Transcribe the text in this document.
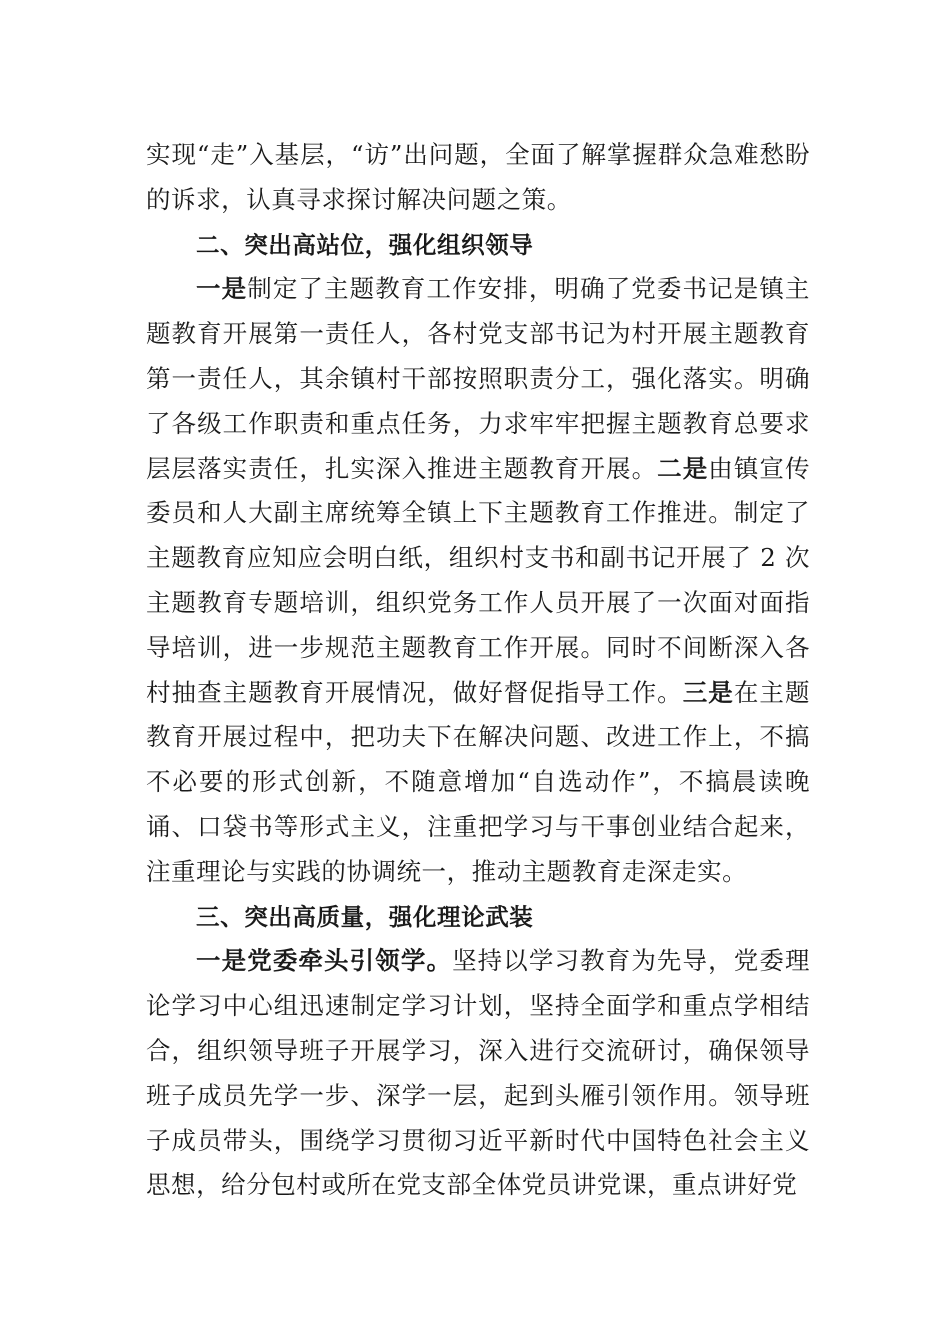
实现“走”入基层，“访”出问题，全面了解掌握群众急难愁盼的诉求，认真寻求探讨解决问题之策。

二、突出高站位，强化组织领导

一是制定了主题教育工作安排，明确了党委书记是镇主题教育开展第一责任人，各村党支部书记为村开展主题教育第一责任人，其余镇村干部按照职责分工，强化落实。明确了各级工作职责和重点任务，力求牢牢把握主题教育总要求层层落实责任，扎实深入推进主题教育开展。二是由镇宣传委员和人大副主席统筹全镇上下主题教育工作推进。制定了主题教育应知应会明白纸，组织村支书和副书记开展了 2 次主题教育专题培训，组织党务工作人员开展了一次面对面指导培训，进一步规范主题教育工作开展。同时不间断深入各村抽查主题教育开展情况，做好督促指导工作。三是在主题教育开展过程中，把功夫下在解决问题、改进工作上，不搞不必要的形式创新，不随意增加“自选动作”，不搞晨读晚诵、口袋书等形式主义，注重把学习与干事创业结合起来，注重理论与实践的协调统一，推动主题教育走深走实。

三、突出高质量，强化理论武装

一是党委牵头引领学。坚持以学习教育为先导，党委理论学习中心组迅速制定学习计划，坚持全面学和重点学相结合，组织领导班子开展学习，深入进行交流研讨，确保领导班子成员先学一步、深学一层，起到头雁引领作用。领导班子成员带头，围绕学习贯彻习近平新时代中国特色社会主义思想，给分包村或所在党支部全体党员讲党课，重点讲好党
